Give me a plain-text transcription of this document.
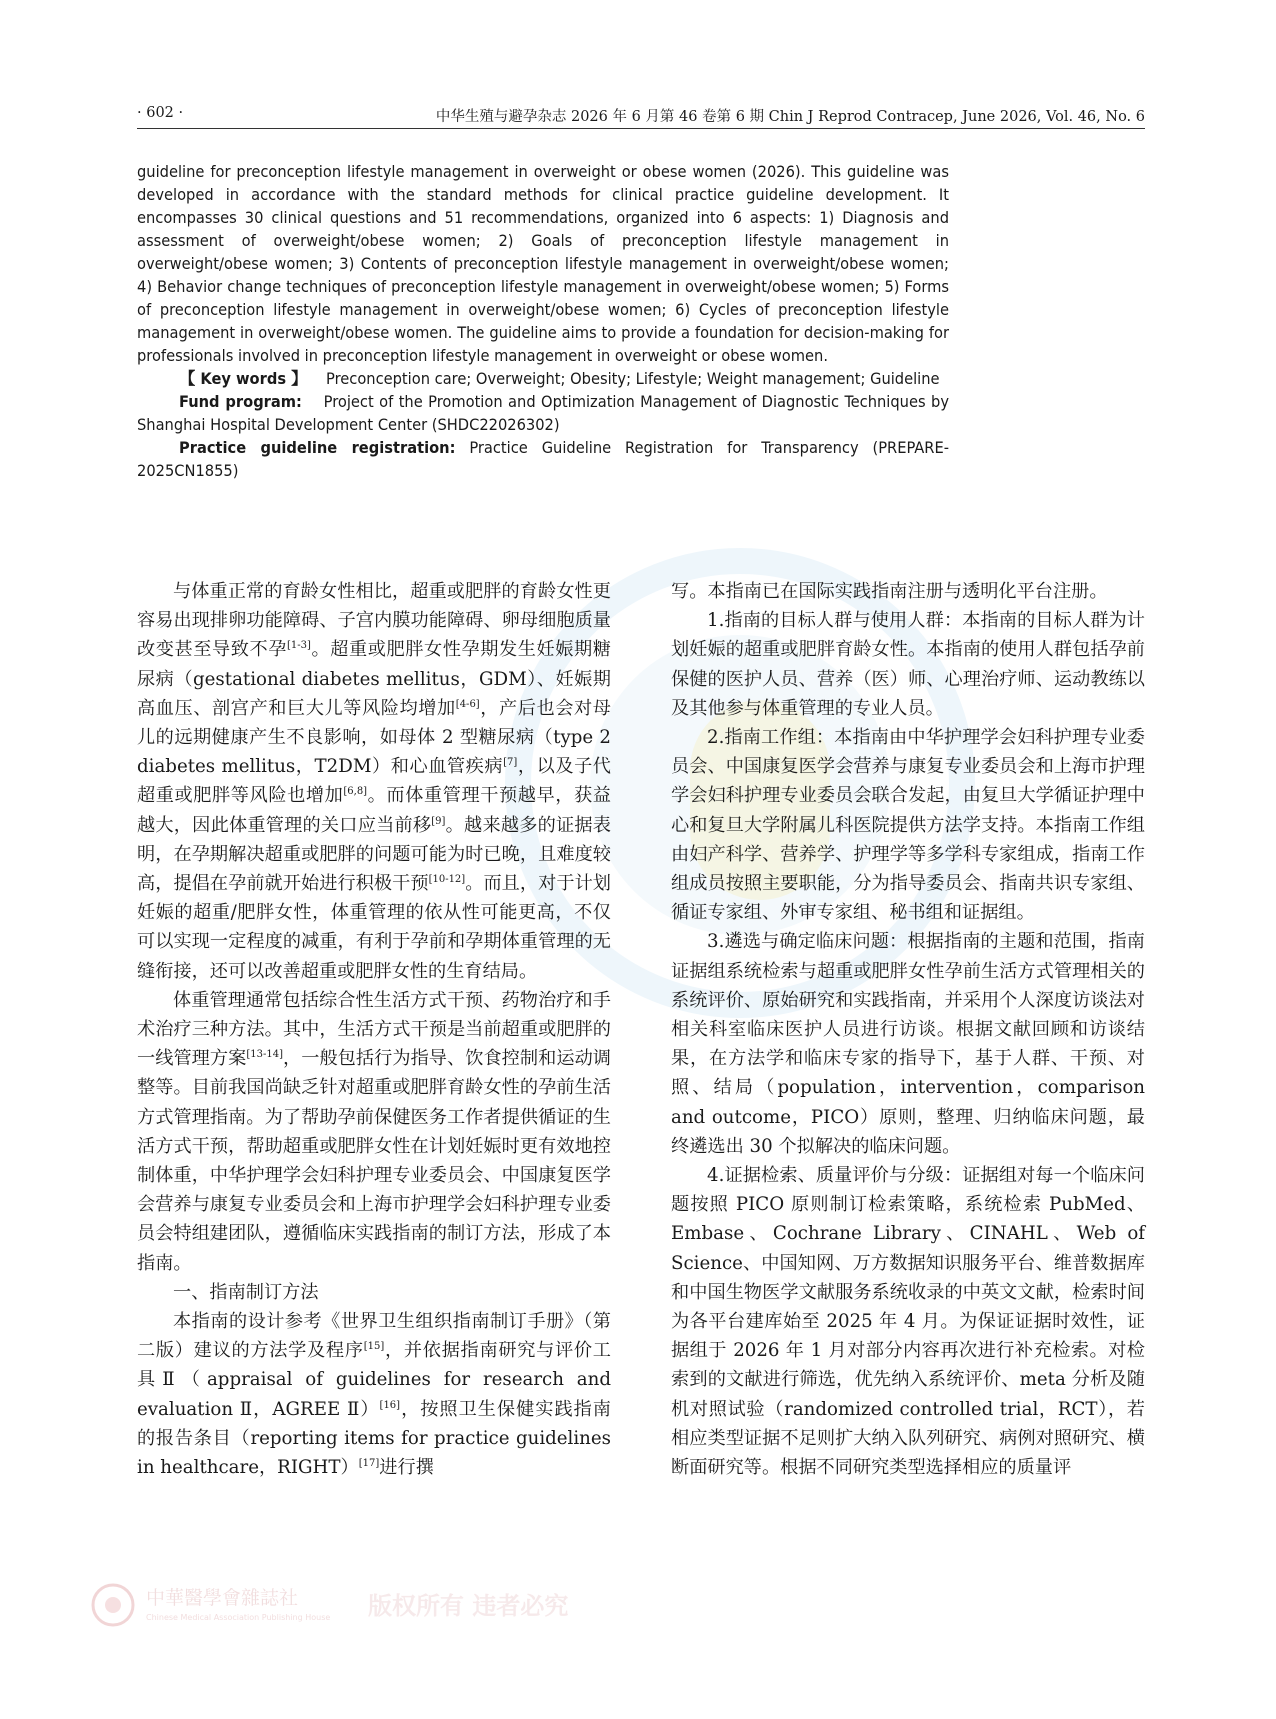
中華醫學會雜誌社
Chinese Medical Association Publishing House 版权所有 违者必究
· 602 ·	中华生殖与避孕杂志 2026 年 6 月第 46 卷第 6 期 Chin J Reprod Contracep, June 2026, Vol. 46, No. 6

guideline for preconception lifestyle management in overweight or obese women (2026). This guideline was developed in accordance with the standard methods for clinical practice guideline development. It encompasses 30 clinical questions and 51 recommendations, organized into 6 aspects: 1) Diagnosis and assessment of overweight/obese women; 2) Goals of preconception lifestyle management in overweight/obese women; 3) Contents of preconception lifestyle management in overweight/obese women; 4) Behavior change techniques of preconception lifestyle management in overweight/obese women; 5) Forms of preconception lifestyle management in overweight/obese women; 6) Cycles of preconception lifestyle management in overweight/obese women. The guideline aims to provide a foundation for decision-making for professionals involved in preconception lifestyle management in overweight or obese women.

【 Key words 】 Preconception care; Overweight; Obesity; Lifestyle; Weight management; Guideline

Fund program: Project of the Promotion and Optimization Management of Diagnostic Techniques by Shanghai Hospital Development Center (SHDC22026302)

Practice guideline registration: Practice Guideline Registration for Transparency (PREPARE-2025CN1855)

与体重正常的育龄女性相比，超重或肥胖的育龄女性更容易出现排卵功能障碍、子宫内膜功能障碍、卵母细胞质量改变甚至导致不孕[1-3]。超重或肥胖女性孕期发生妊娠期糖尿病（gestational diabetes mellitus，GDM）、妊娠期高血压、剖宫产和巨大儿等风险均增加[4-6]，产后也会对母儿的远期健康产生不良影响，如母体 2 型糖尿病（type 2 diabetes mellitus，T2DM）和心血管疾病[7]，以及子代超重或肥胖等风险也增加[6,8]。而体重管理干预越早，获益越大，因此体重管理的关口应当前移[9]。越来越多的证据表明，在孕期解决超重或肥胖的问题可能为时已晚，且难度较高，提倡在孕前就开始进行积极干预[10-12]。而且，对于计划妊娠的超重/肥胖女性，体重管理的依从性可能更高，不仅可以实现一定程度的减重，有利于孕前和孕期体重管理的无缝衔接，还可以改善超重或肥胖女性的生育结局。

体重管理通常包括综合性生活方式干预、药物治疗和手术治疗三种方法。其中，生活方式干预是当前超重或肥胖的一线管理方案[13-14]，一般包括行为指导、饮食控制和运动调整等。目前我国尚缺乏针对超重或肥胖育龄女性的孕前生活方式管理指南。为了帮助孕前保健医务工作者提供循证的生活方式干预，帮助超重或肥胖女性在计划妊娠时更有效地控制体重，中华护理学会妇科护理专业委员会、中国康复医学会营养与康复专业委员会和上海市护理学会妇科护理专业委员会特组建团队，遵循临床实践指南的制订方法，形成了本指南。

一、指南制订方法

本指南的设计参考《世界卫生组织指南制订手册》（第二版）建议的方法学及程序[15]，并依据指南研究与评价工具Ⅱ（appraisal of guidelines for research and evaluation Ⅱ，AGREE Ⅱ）[16]，按照卫生保健实践指南的报告条目（reporting items for practice guidelines in healthcare，RIGHT）[17]进行撰

写。本指南已在国际实践指南注册与透明化平台注册。

1.指南的目标人群与使用人群：本指南的目标人群为计划妊娠的超重或肥胖育龄女性。本指南的使用人群包括孕前保健的医护人员、营养（医）师、心理治疗师、运动教练以及其他参与体重管理的专业人员。

2.指南工作组：本指南由中华护理学会妇科护理专业委员会、中国康复医学会营养与康复专业委员会和上海市护理学会妇科护理专业委员会联合发起，由复旦大学循证护理中心和复旦大学附属儿科医院提供方法学支持。本指南工作组由妇产科学、营养学、护理学等多学科专家组成，指南工作组成员按照主要职能，分为指导委员会、指南共识专家组、循证专家组、外审专家组、秘书组和证据组。

3.遴选与确定临床问题：根据指南的主题和范围，指南证据组系统检索与超重或肥胖女性孕前生活方式管理相关的系统评价、原始研究和实践指南，并采用个人深度访谈法对相关科室临床医护人员进行访谈。根据文献回顾和访谈结果，在方法学和临床专家的指导下，基于人群、干预、对照、结局（population，intervention，comparison and outcome，PICO）原则，整理、归纳临床问题，最终遴选出 30 个拟解决的临床问题。

4.证据检索、质量评价与分级：证据组对每一个临床问题按照 PICO 原则制订检索策略，系统检索 PubMed、Embase、Cochrane Library、CINAHL、Web of Science、中国知网、万方数据知识服务平台、维普数据库和中国生物医学文献服务系统收录的中英文文献，检索时间为各平台建库始至 2025 年 4 月。为保证证据时效性，证据组于 2026 年 1 月对部分内容再次进行补充检索。对检索到的文献进行筛选，优先纳入系统评价、meta 分析及随机对照试验（randomized controlled trial，RCT），若相应类型证据不足则扩大纳入队列研究、病例对照研究、横断面研究等。根据不同研究类型选择相应的质量评
